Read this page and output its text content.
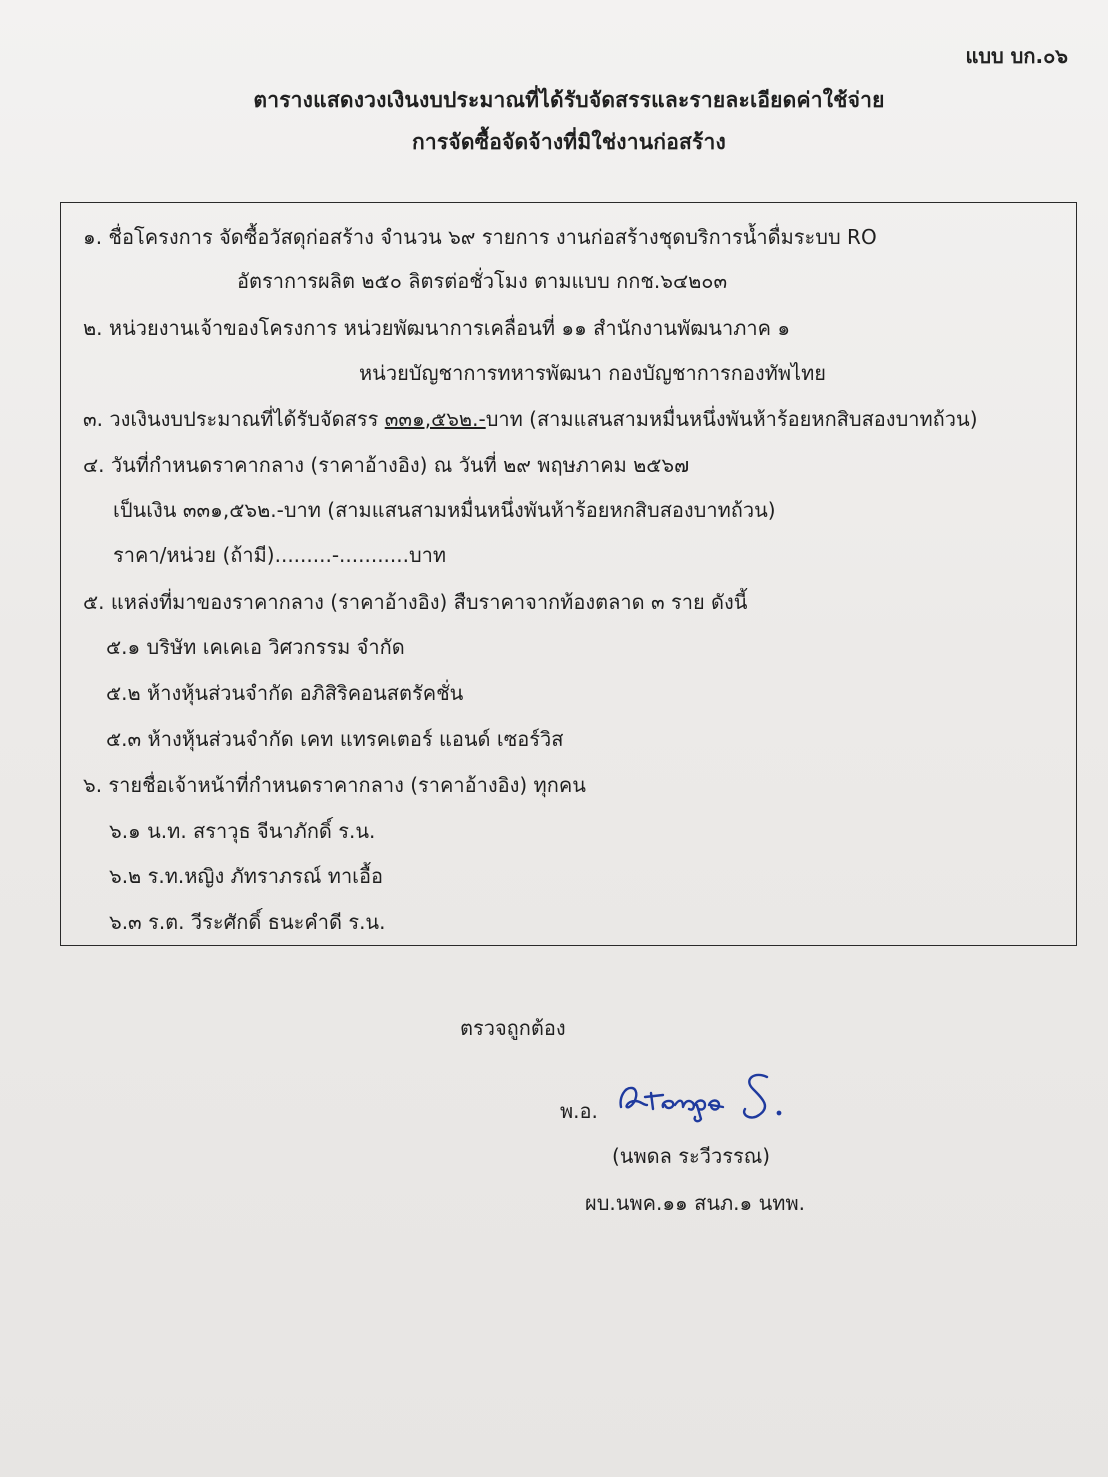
แบบ บก.๐๖
ตารางแสดงวงเงินงบประมาณที่ได้รับจัดสรรและรายละเอียดค่าใช้จ่าย
การจัดซื้อจัดจ้างที่มิใช่งานก่อสร้าง
๑. ชื่อโครงการ จัดซื้อวัสดุก่อสร้าง จำนวน ๖๙ รายการ งานก่อสร้างชุดบริการน้ำดื่มระบบ RO
อัตราการผลิต ๒๕๐ ลิตรต่อชั่วโมง ตามแบบ กกช.๖๔๒๐๓
๒. หน่วยงานเจ้าของโครงการ หน่วยพัฒนาการเคลื่อนที่ ๑๑ สำนักงานพัฒนาภาค ๑
หน่วยบัญชาการทหารพัฒนา กองบัญชาการกองทัพไทย
๓. วงเงินงบประมาณที่ได้รับจัดสรร ๓๓๑,๕๖๒.-บาท (สามแสนสามหมื่นหนึ่งพันห้าร้อยหกสิบสองบาทถ้วน)
๔. วันที่กำหนดราคากลาง (ราคาอ้างอิง) ณ วันที่ ๒๙ พฤษภาคม ๒๕๖๗
เป็นเงิน ๓๓๑,๕๖๒.-บาท (สามแสนสามหมื่นหนึ่งพันห้าร้อยหกสิบสองบาทถ้วน)
ราคา/หน่วย (ถ้ามี).........-...........บาท
๕. แหล่งที่มาของราคากลาง (ราคาอ้างอิง) สืบราคาจากท้องตลาด ๓ ราย ดังนี้
๕.๑ บริษัท เคเคเอ วิศวกรรม จำกัด
๕.๒ ห้างหุ้นส่วนจำกัด อภิสิริคอนสตรัคชั่น
๕.๓ ห้างหุ้นส่วนจำกัด เคท แทรคเตอร์ แอนด์ เซอร์วิส
๖. รายชื่อเจ้าหน้าที่กำหนดราคากลาง (ราคาอ้างอิง) ทุกคน
๖.๑ น.ท. สราวุธ จีนาภักดิ์ ร.น.
๖.๒ ร.ท.หญิง ภัทราภรณ์ ทาเอื้อ
๖.๓ ร.ต. วีระศักดิ์ ธนะคำดี ร.น.
ตรวจถูกต้อง
พ.อ.
(นพดล ระวีวรรณ)
ผบ.นพค.๑๑ สนภ.๑ นทพ.
